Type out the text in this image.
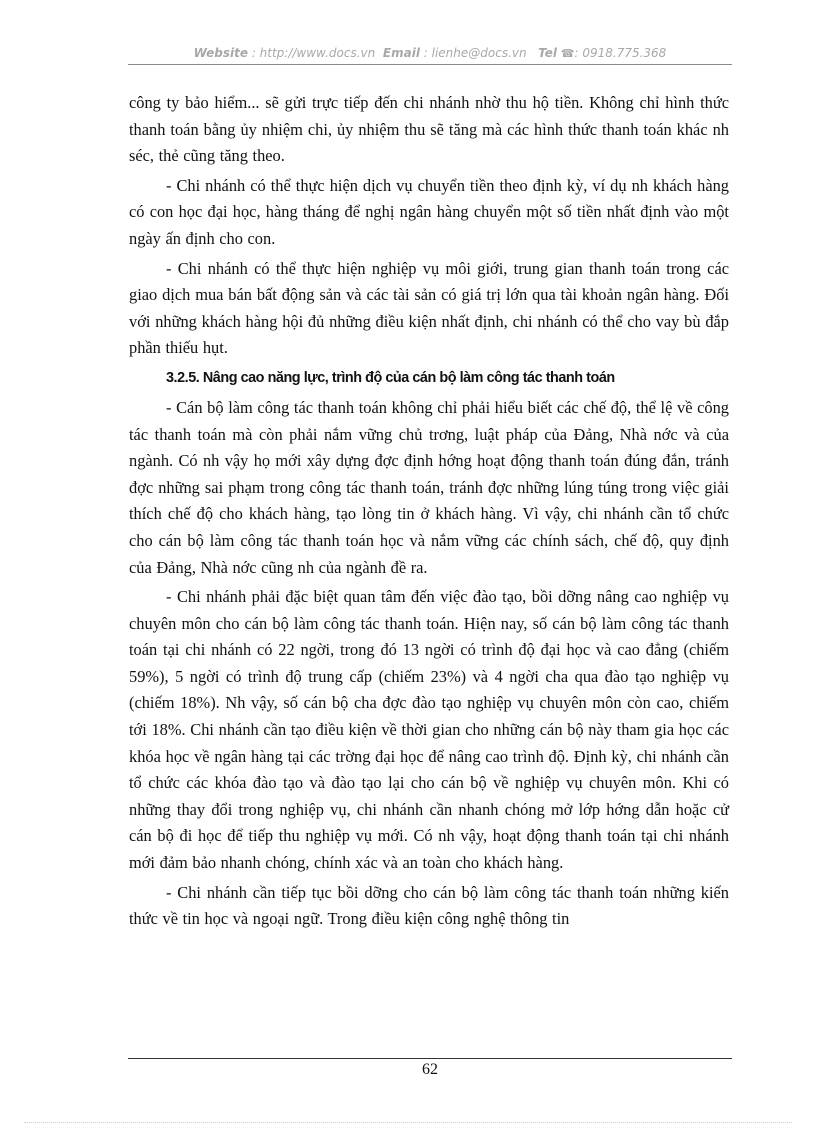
Website : http://www.docs.vn Email : lienhe@docs.vn Tel ☎: 0918.775.368

công ty bảo hiểm... sẽ gửi trực tiếp đến chi nhánh nhờ thu hộ tiền. Không chỉ hình thức thanh toán bằng ủy nhiệm chi, ủy nhiệm thu sẽ tăng mà các hình thức thanh toán khác nh séc, thẻ cũng tăng theo.

- Chi nhánh có thể thực hiện dịch vụ chuyển tiền theo định kỳ, ví dụ nh khách hàng có con học đại học, hàng tháng để nghị ngân hàng chuyển một số tiền nhất định vào một ngày ấn định cho con.

- Chi nhánh có thể thực hiện nghiệp vụ môi giới, trung gian thanh toán trong các giao dịch mua bán bất động sản và các tài sản có giá trị lớn qua tài khoản ngân hàng. Đối với những khách hàng hội đủ những điều kiện nhất định, chi nhánh có thể cho vay bù đắp phần thiếu hụt.

3.2.5. Nâng cao năng lực, trình độ của cán bộ làm công tác thanh toán

- Cán bộ làm công tác thanh toán không chỉ phải hiểu biết các chế độ, thể lệ về công tác thanh toán mà còn phải nắm vững chủ trơng, luật pháp của Đảng, Nhà nớc và của ngành. Có nh vậy họ mới xây dựng đợc định hớng hoạt động thanh toán đúng đắn, tránh đợc những sai phạm trong công tác thanh toán, tránh đợc những lúng túng trong việc giải thích chế độ cho khách hàng, tạo lòng tin ở khách hàng. Vì vậy, chi nhánh cần tổ chức cho cán bộ làm công tác thanh toán học và nắm vững các chính sách, chế độ, quy định của Đảng, Nhà nớc cũng nh của ngành đề ra.

- Chi nhánh phải đặc biệt quan tâm đến việc đào tạo, bồi dỡng nâng cao nghiệp vụ chuyên môn cho cán bộ làm công tác thanh toán. Hiện nay, số cán bộ làm công tác thanh toán tại chi nhánh có 22 ngời, trong đó 13 ngời có trình độ đại học và cao đẳng (chiếm 59%), 5 ngời có trình độ trung cấp (chiếm 23%) và 4 ngời cha qua đào tạo nghiệp vụ (chiếm 18%). Nh vậy, số cán bộ cha đợc đào tạo nghiệp vụ chuyên môn còn cao, chiếm tới 18%. Chi nhánh cần tạo điều kiện về thời gian cho những cán bộ này tham gia học các khóa học về ngân hàng tại các trờng đại học để nâng cao trình độ. Định kỳ, chi nhánh cần tổ chức các khóa đào tạo và đào tạo lại cho cán bộ về nghiệp vụ chuyên môn. Khi có những thay đổi trong nghiệp vụ, chi nhánh cần nhanh chóng mở lớp hớng dẫn hoặc cử cán bộ đi học để tiếp thu nghiệp vụ mới. Có nh vậy, hoạt động thanh toán tại chi nhánh mới đảm bảo nhanh chóng, chính xác và an toàn cho khách hàng.

- Chi nhánh cần tiếp tục bồi dỡng cho cán bộ làm công tác thanh toán những kiến thức về tin học và ngoại ngữ. Trong điều kiện công nghệ thông tin

62
